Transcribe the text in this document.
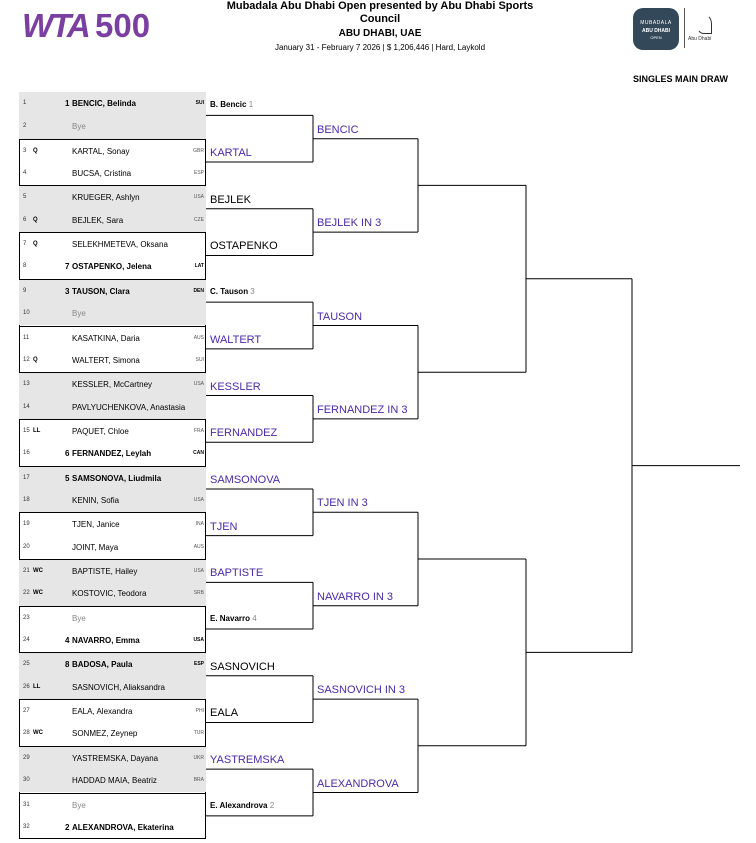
WTA 500
Mubadala Abu Dhabi Open presented by Abu Dhabi Sports Council
ABU DHABI, UAE
January 31 - February 7 2026 | $ 1,206,446 | Hard, Laykold
MUBADALA
ABU DHABI
OPEN	Abu Dhabi
SINGLES MAIN DRAW
1	1 BENCIC, Belinda	SUI
2	Bye
3 Q	KARTAL, Sonay	GBR
4	BUCSA, Cristina	ESP
5	KRUEGER, Ashlyn	USA
6 Q	BEJLEK, Sara	CZE
7 Q	SELEKHMETEVA, Oksana
8	7 OSTAPENKO, Jelena	LAT
9	3 TAUSON, Clara	DEN
10	Bye
11	KASATKINA, Daria	AUS
12 Q	WALTERT, Simona	SUI
13	KESSLER, McCartney	USA
14	PAVLYUCHENKOVA, Anastasia
15 LL	PAQUET, Chloe	FRA
16	6 FERNANDEZ, Leylah	CAN
17	5 SAMSONOVA, Liudmila
18	KENIN, Sofia	USA
19	TJEN, Janice	INA
20	JOINT, Maya	AUS
21 WC	BAPTISTE, Hailey	USA
22 WC	KOSTOVIC, Teodora	SRB
23	Bye
24	4 NAVARRO, Emma	USA
25	8 BADOSA, Paula	ESP
26 LL	SASNOVICH, Aliaksandra
27	EALA, Alexandra	PHI
28 WC	SONMEZ, Zeynep	TUR
29	YASTREMSKA, Dayana	UKR
30	HADDAD MAIA, Beatriz	BRA
31	Bye
32	2 ALEXANDROVA, Ekaterina
B. Bencic 1
KARTAL
BEJLEK
OSTAPENKO
C. Tauson 3
WALTERT
KESSLER
FERNANDEZ
SAMSONOVA
TJEN
BAPTISTE
E. Navarro 4
SASNOVICH
EALA
YASTREMSKA
E. Alexandrova 2
BENCIC
BEJLEK IN 3
TAUSON
FERNANDEZ IN 3
TJEN IN 3
NAVARRO IN 3
SASNOVICH IN 3
ALEXANDROVA
